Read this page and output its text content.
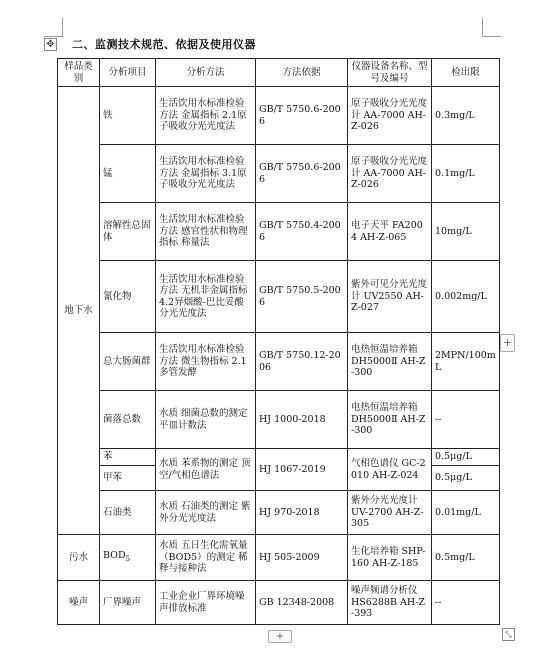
✥ 二、监测技术规范、依据及使用仪器
样品类别	分析项目	分析方法	方法依据	仪器设备名称、型号及编号	检出限
地下水	铁	生活饮用水标准检验方法 金属指标 2.1原子吸收分光光度法	GB/T 5750.6-2006	原子吸收分光光度计 AA-7000 AH-Z-026	0.3mg/L
	锰	生活饮用水标准检验方法 金属指标 3.1原子吸收分光光度法	GB/T 5750.6-2006	原子吸收分光光度计 AA-7000 AH-Z-026	0.1mg/L
	溶解性总固体	生活饮用水标准检验方法 感官性状和物理指标 称量法	GB/T 5750.4-2006	电子天平 FA2004 AH-Z-065	10mg/L
	氰化物	生活饮用水标准检验方法 无机非金属指标 4.2异烟酸-巴比妥酸分光光度法	GB/T 5750.5-2006	紫外可见分光光度计 UV2550 AH-Z-027	0.002mg/L
	总大肠菌群	生活饮用水标准检验方法 微生物指标 2.1 多管发酵	GB/T 5750.12-2006	电热恒温培养箱 DH5000Ⅱ AH-Z-300	2MPN/100mL
	菌落总数	水质 细菌总数的测定 平皿计数法	HJ 1000-2018	电热恒温培养箱 DH5000Ⅱ AH-Z-300	--
	苯	水质 苯系物的测定 顶空/气相色谱法	HJ 1067-2019	气相色谱仪 GC-2010 AH-Z-024	0.5μg/L
	甲苯				0.5μg/L

	石油类	水质 石油类的测定 紫外分光光度法	HJ 970-2018	紫外分光光度计 UV-2700 AH-Z-305	0.01mg/L
污水	$BOD_5$	水质 五日生化需氧量（BOD5）的测定 稀释与接种法	HJ 505-2009	生化培养箱 SHP-160 AH-Z-185	0.5mg/L
噪声	厂界噪声	工业企业厂界环境噪声排放标准	GB 12348-2008	噪声频谱分析仪 HS6288B AH-Z-393	--
+
+	⤡
